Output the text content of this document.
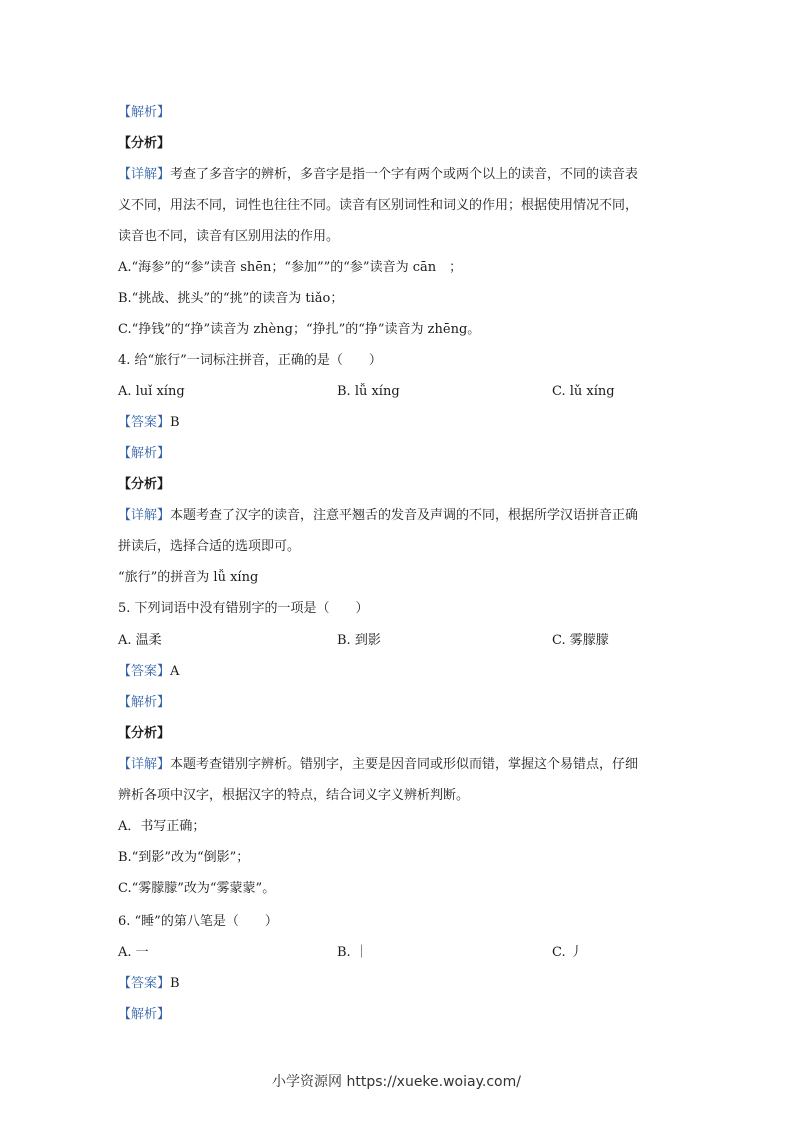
【解析】
【分析】
【详解】考查了多音字的辨析，多音字是指一个字有两个或两个以上的读音，不同的读音表
义不同，用法不同，词性也往往不同。读音有区别词性和词义的作用；根据使用情况不同，
读音也不同，读音有区别用法的作用。
A.“海参”的“参”读音 shēn；“参加””的“参”读音为 cān　；
B.“挑战、挑头”的“挑”的读音为 tiǎo；
C.“挣钱”的“挣”读音为 zhèng；“挣扎”的“挣”读音为 zhēng。
4. 给“旅行”一词标注拼音，正确的是（　　）
A. luǐ xíng	B. lǚ xíng	C. lǔ xíng
【答案】B
【解析】
【分析】
【详解】本题考查了汉字的读音，注意平翘舌的发音及声调的不同，根据所学汉语拼音正确
拼读后，选择合适的选项即可。
“旅行”的拼音为 lǚ xíng
5. 下列词语中没有错别字的一项是（　　）
A. 温柔	B. 到影	C. 雾朦朦
【答案】A
【解析】
【分析】
【详解】本题考查错别字辨析。错别字，主要是因音同或形似而错，掌握这个易错点，仔细
辨析各项中汉字，根据汉字的特点，结合词义字义辨析判断。
A．书写正确；
B.“到影”改为“倒影”；
C.“雾朦朦”改为“雾蒙蒙”。
6. “睡”的第八笔是（　　）
A. 一	B. ｜	C. 丿
【答案】B
【解析】
小学资源网 https://xueke.woiay.com/
